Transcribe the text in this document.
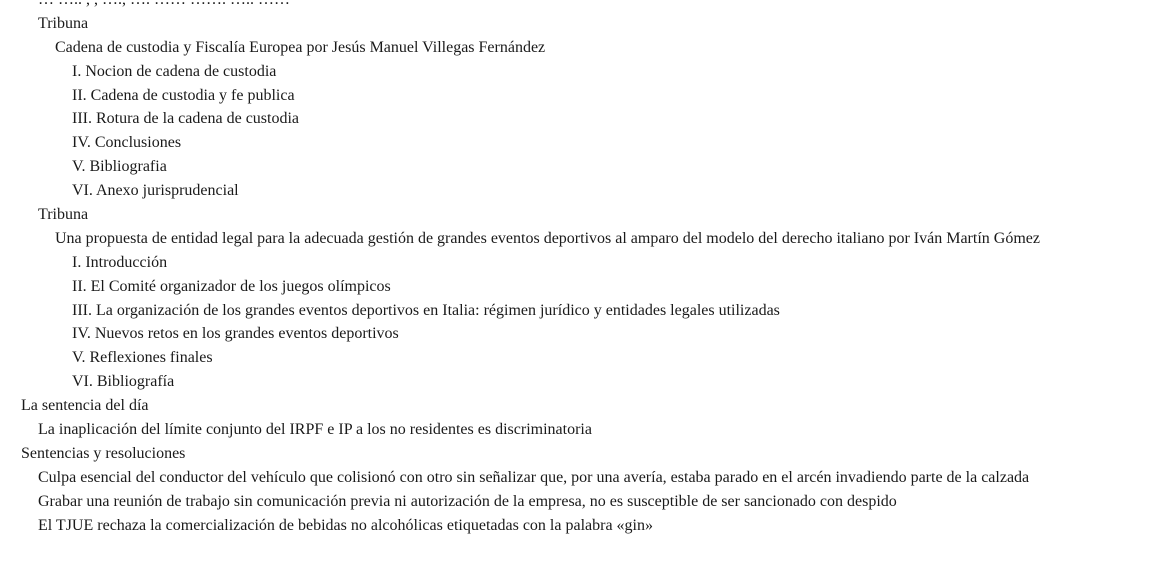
Tribuna
Cadena de custodia y Fiscalía Europea por Jesús Manuel Villegas Fernández
I. Nocion de cadena de custodia
II. Cadena de custodia y fe publica
III. Rotura de la cadena de custodia
IV. Conclusiones
V. Bibliografia
VI. Anexo jurisprudencial
Tribuna
Una propuesta de entidad legal para la adecuada gestión de grandes eventos deportivos al amparo del modelo del derecho italiano por Iván Martín Gómez
I. Introducción
II. El Comité organizador de los juegos olímpicos
III. La organización de los grandes eventos deportivos en Italia: régimen jurídico y entidades legales utilizadas
IV. Nuevos retos en los grandes eventos deportivos
V. Reflexiones finales
VI. Bibliografía
La sentencia del día
La inaplicación del límite conjunto del IRPF e IP a los no residentes es discriminatoria
Sentencias y resoluciones
Culpa esencial del conductor del vehículo que colisionó con otro sin señalizar que, por una avería, estaba parado en el arcén invadiendo parte de la calzada
Grabar una reunión de trabajo sin comunicación previa ni autorización de la empresa, no es susceptible de ser sancionado con despido
El TJUE rechaza la comercialización de bebidas no alcohólicas etiquetadas con la palabra «gin»
